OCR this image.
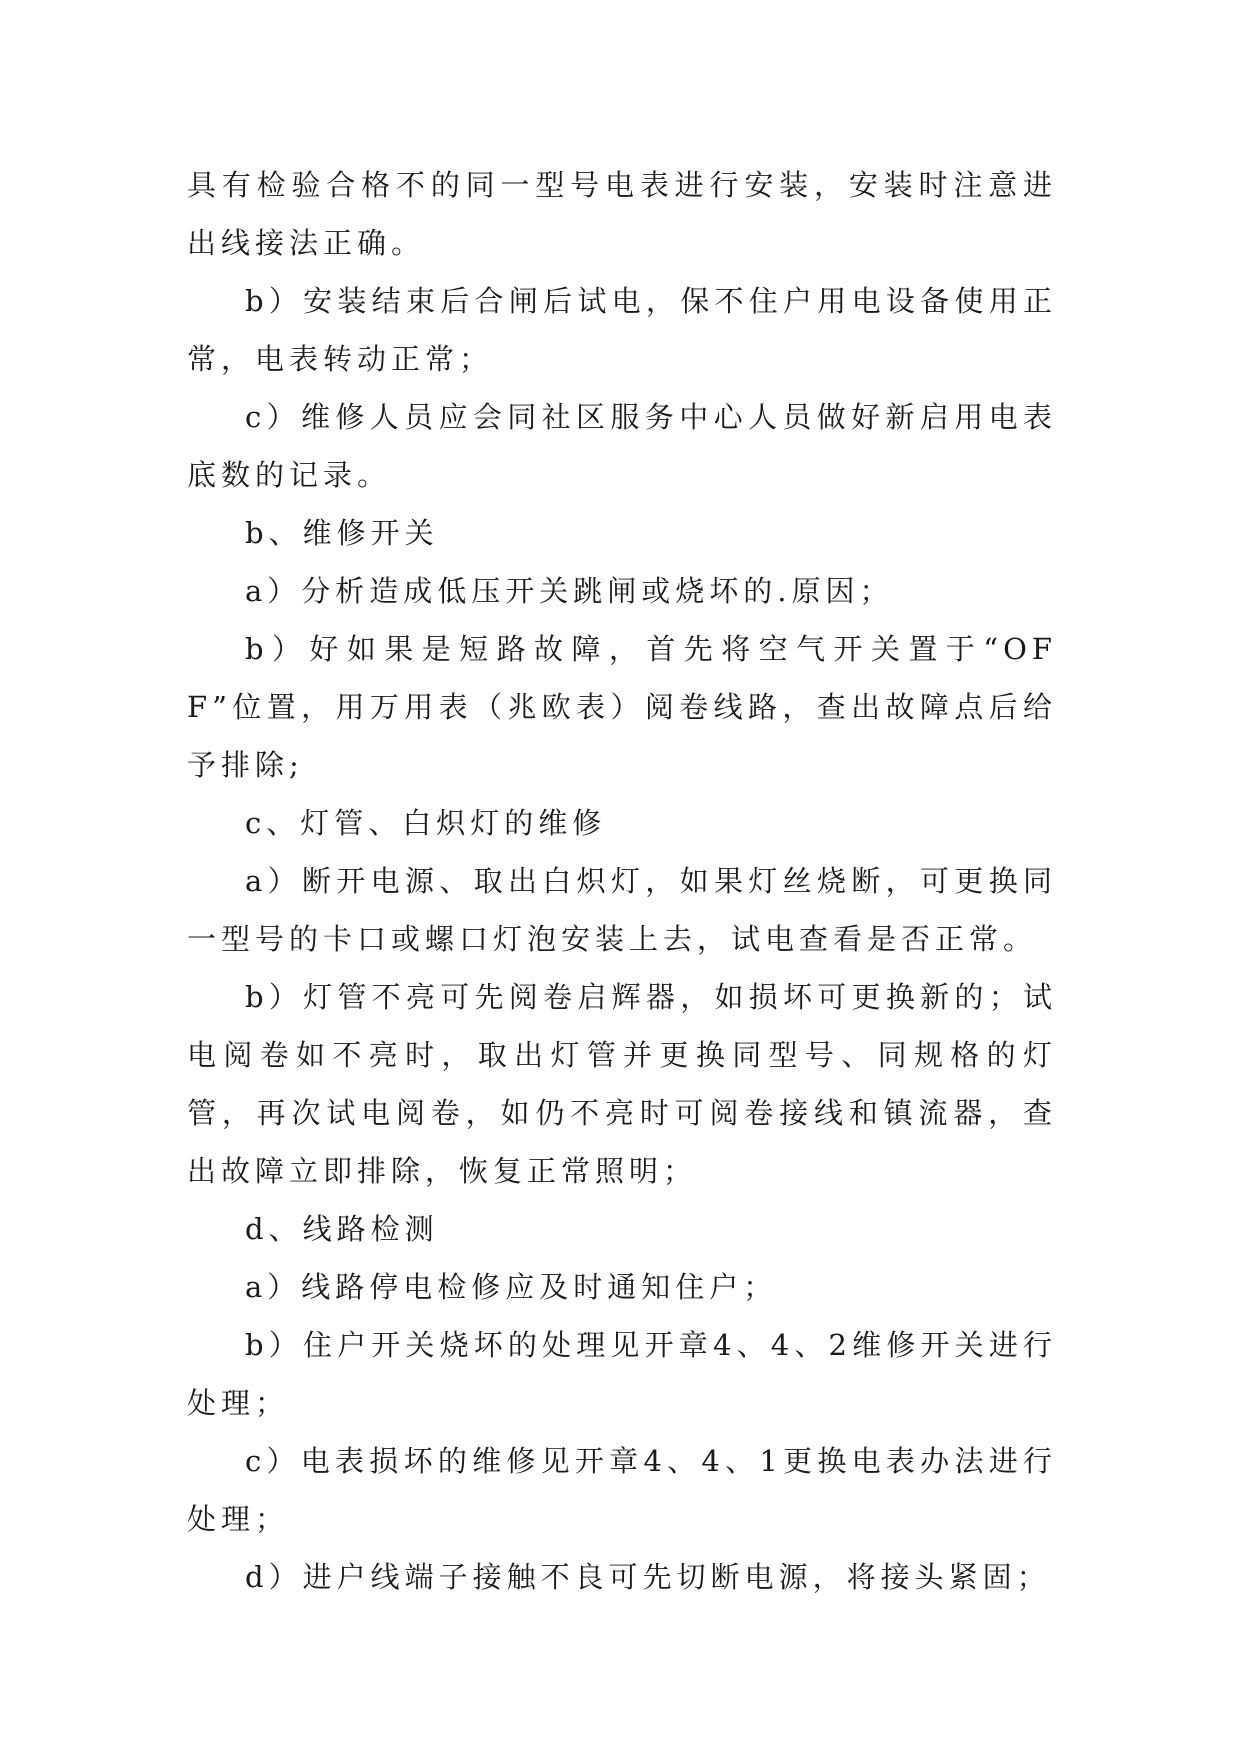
具有检验合格不的同一型号电表进行安装，安装时注意进出线接法正确。

b）安装结束后合闸后试电，保不住户用电设备使用正常，电表转动正常；

c）维修人员应会同社区服务中心人员做好新启用电表底数的记录。

b、维修开关

a）分析造成低压开关跳闸或烧坏的.原因；

b）好如果是短路故障，首先将空气开关置于“OFF”位置，用万用表（兆欧表）阅卷线路，查出故障点后给予排除;

c、灯管、白炽灯的维修

a）断开电源、取出白炽灯，如果灯丝烧断，可更换同一型号的卡口或螺口灯泡安装上去，试电查看是否正常。

b）灯管不亮可先阅卷启辉器，如损坏可更换新的；试电阅卷如不亮时，取出灯管并更换同型号、同规格的灯管，再次试电阅卷，如仍不亮时可阅卷接线和镇流器，查出故障立即排除，恢复正常照明；

d、线路检测

a）线路停电检修应及时通知住户；

b）住户开关烧坏的处理见开章4、4、2维修开关进行处理；

c）电表损坏的维修见开章4、4、1更换电表办法进行处理；

d）进户线端子接触不良可先切断电源，将接头紧固；
